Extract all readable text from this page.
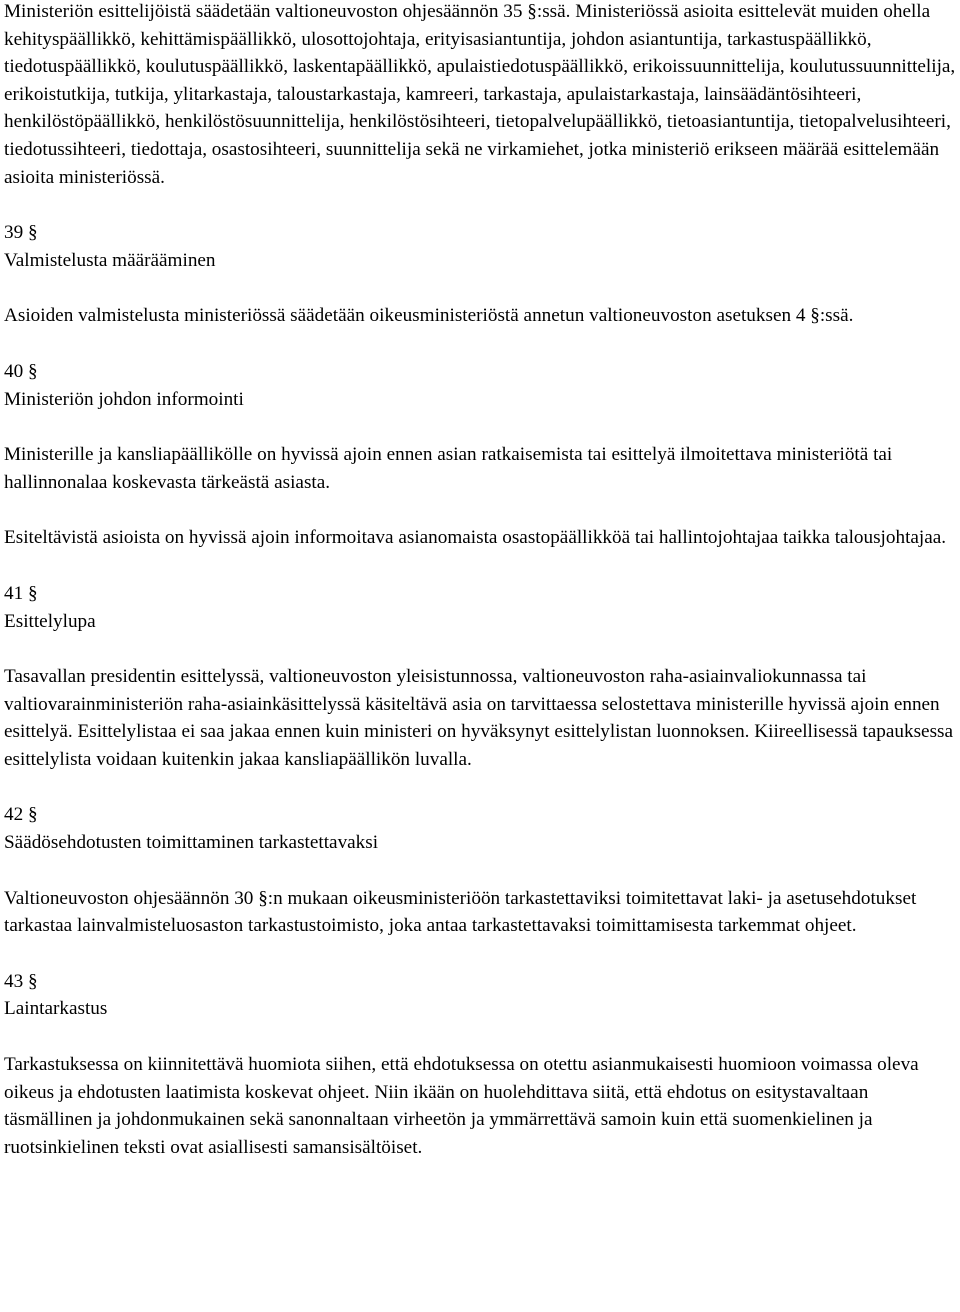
Ministeriön esittelijöistä säädetään valtioneuvoston ohjesäännön 35 §:ssä. Ministeriössä asioita esittelevät muiden ohella kehityspäällikkö, kehittämispäällikkö, ulosottojohtaja, erityisasiantuntija, johdon asiantuntija, tarkastuspäällikkö, tiedotuspäällikkö, koulutuspäällikkö, laskentapäällikkö, apulaistiedotuspäällikkö, erikoissuunnittelija, koulutussuunnittelija, erikoistutkija, tutkija, ylitarkastaja, taloustarkastaja, kamreeri, tarkastaja, apulaistarkastaja, lainsäädäntösihteeri, henkilöstöpäällikkö, henkilöstösuunnittelija, henkilöstösihteeri, tietopalvelupäällikkö, tietoasiantuntija, tietopalvelusihteeri, tiedotussihteeri, tiedottaja, osastosihteeri, suunnittelija sekä ne virkamiehet, jotka ministeriö erikseen määrää esittelemään asioita ministeriössä.

39 §
Valmistelusta määrääminen

Asioiden valmistelusta ministeriössä säädetään oikeusministeriöstä annetun valtioneuvoston asetuksen 4 §:ssä.

40 §
Ministeriön johdon informointi

Ministerille ja kansliapäällikölle on hyvissä ajoin ennen asian ratkaisemista tai esittelyä ilmoitettava ministeriötä tai hallinnonalaa koskevasta tärkeästä asiasta.

Esiteltävistä asioista on hyvissä ajoin informoitava asianomaista osastopäällikköä tai hallintojohtajaa taikka talousjohtajaa.

41 §
Esittelylupa

Tasavallan presidentin esittelyssä, valtioneuvoston yleisistunnossa, valtioneuvoston raha-asiainvaliokunnassa tai valtiovarainministeriön raha-asiainkäsittelyssä käsiteltävä asia on tarvittaessa selostettava ministerille hyvissä ajoin ennen esittelyä. Esittelylistaa ei saa jakaa ennen kuin ministeri on hyväksynyt esittelylistan luonnoksen. Kiireellisessä tapauksessa esittelylista voidaan kuitenkin jakaa kansliapäällikön luvalla.

42 §
Säädösehdotusten toimittaminen tarkastettavaksi

Valtioneuvoston ohjesäännön 30 §:n mukaan oikeusministeriöön tarkastettaviksi toimitettavat laki- ja asetusehdotukset tarkastaa lainvalmisteluosaston tarkastustoimisto, joka antaa tarkastettavaksi toimittamisesta tarkemmat ohjeet.

43 §
Laintarkastus

Tarkastuksessa on kiinnitettävä huomiota siihen, että ehdotuksessa on otettu asianmukaisesti huomioon voimassa oleva oikeus ja ehdotusten laatimista koskevat ohjeet. Niin ikään on huolehdittava siitä, että ehdotus on esitystavaltaan täsmällinen ja johdonmukainen sekä sanonnaltaan virheetön ja ymmärrettävä samoin kuin että suomenkielinen ja ruotsinkielinen teksti ovat asiallisesti samansisältöiset.
